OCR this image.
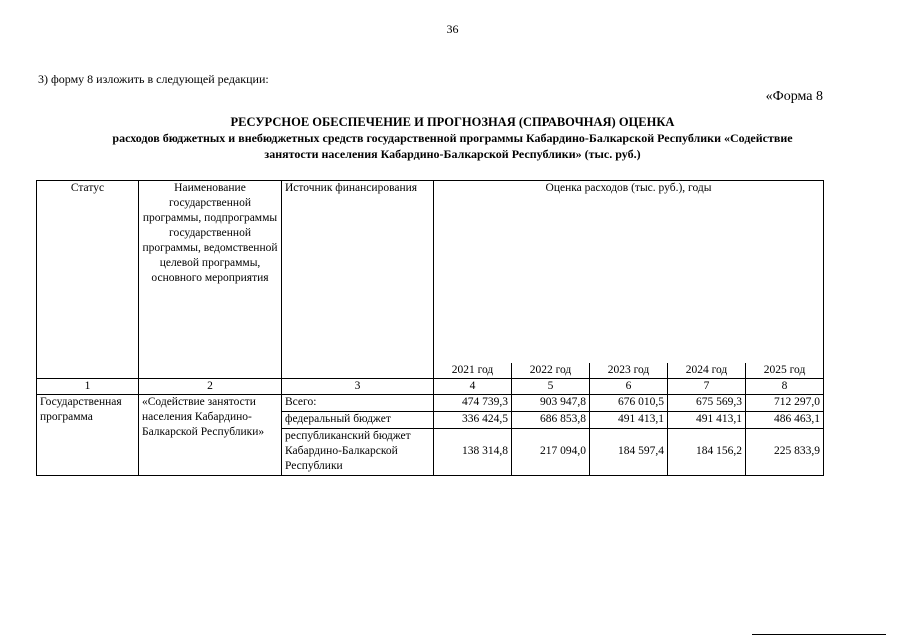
36
3) форму 8 изложить в следующей редакции:
«Форма 8
РЕСУРСНОЕ ОБЕСПЕЧЕНИЕ И ПРОГНОЗНАЯ (СПРАВОЧНАЯ) ОЦЕНКА
расходов бюджетных и внебюджетных средств государственной программы Кабардино-Балкарской Республики «Содействие
занятости населения Кабардино-Балкарской Республики» (тыс. руб.)
Статус	Наименование государственной программы, подпрограммы государственной программы, ведомственной целевой программы, основного мероприятия	Источник финансирования	Оценка расходов (тыс. руб.), годы				
			2021 год	2022 год	2023 год	2024 год	2025 год
1	2	3	4	5	6	7	8
Государственная программа	«Содействие занятости населения Кабардино-Балкарской Республики»	Всего:	474 739,3	903 947,8	676 010,5	675 569,3	712 297,0
		федеральный бюджет	336 424,5	686 853,8	491 413,1	491 413,1	486 463,1
		республиканский бюджет Кабардино-Балкарской Республики	138 314,8	217 094,0	184 597,4	184 156,2	225 833,9
